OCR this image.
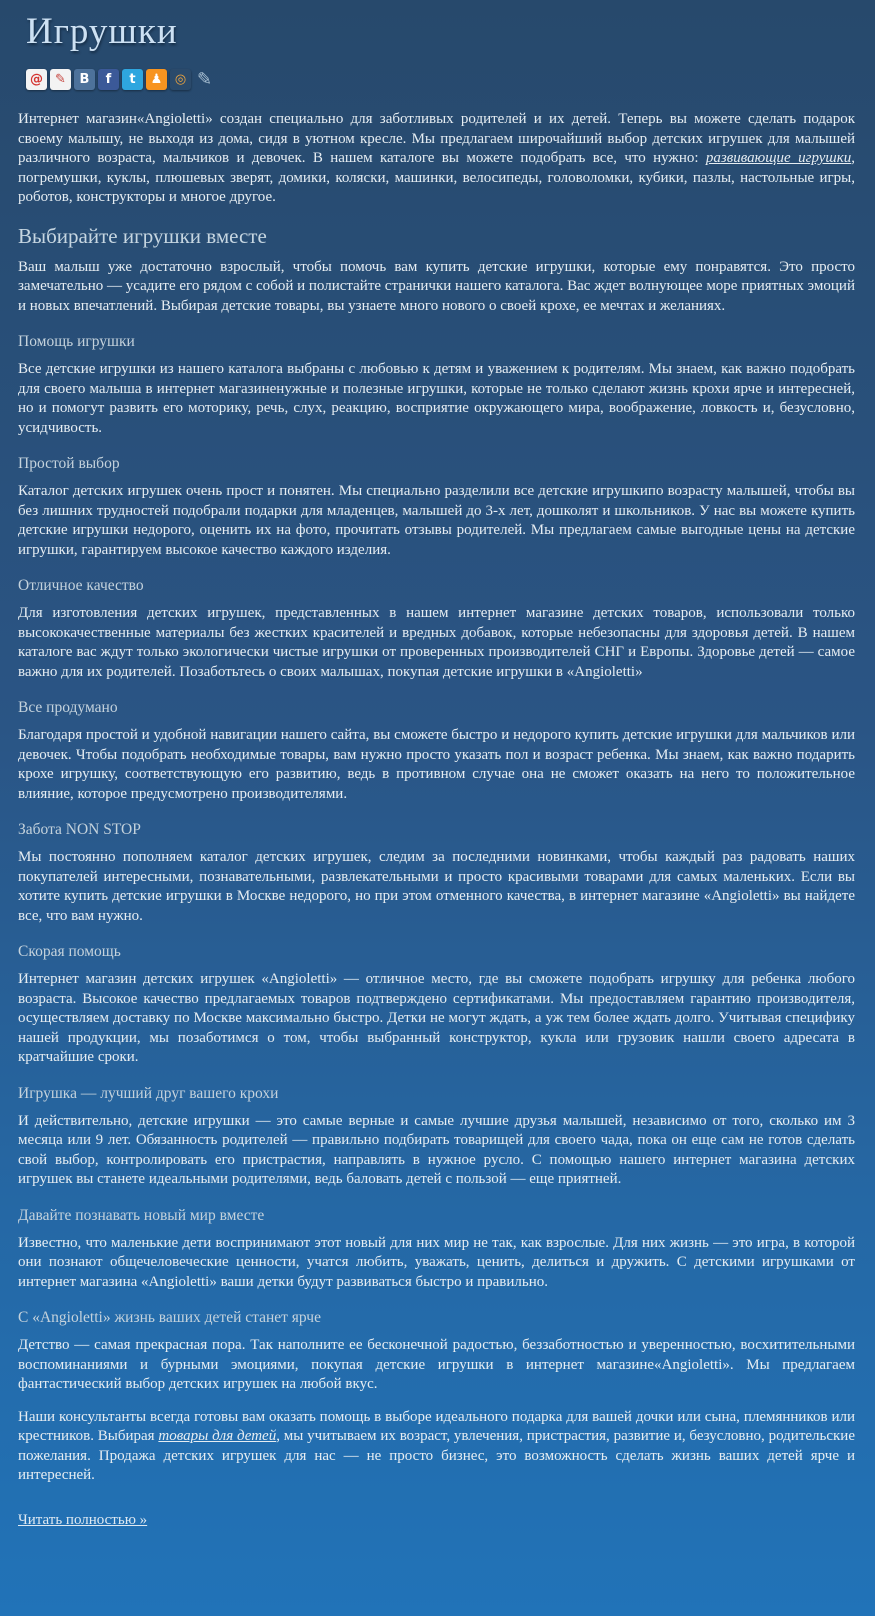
Игрушки
@ ✎	В	f	t	♟ ◎ ✎

Интернет магазин«Angioletti» создан специально для заботливых родителей и их детей. Теперь вы можете сделать подарок своему малышу, не выходя из дома, сидя в уютном кресле. Мы предлагаем широчайший выбор детских игрушек для малышей различного возраста, мальчиков и девочек. В нашем каталоге вы можете подобрать все, что нужно: развивающие игрушки, погремушки, куклы, плюшевых зверят, домики, коляски, машинки, велосипеды, головоломки, кубики, пазлы, настольные игры, роботов, конструкторы и многое другое.

Выбирайте игрушки вместе

Ваш малыш уже достаточно взрослый, чтобы помочь вам купить детские игрушки, которые ему понравятся. Это просто замечательно — усадите его рядом с собой и полистайте странички нашего каталога. Вас ждет волнующее море приятных эмоций и новых впечатлений. Выбирая детские товары, вы узнаете много нового о своей крохе, ее мечтах и желаниях.

Помощь игрушки

Все детские игрушки из нашего каталога выбраны с любовью к детям и уважением к родителям. Мы знаем, как важно подобрать для своего малыша в интернет магазиненужные и полезные игрушки, которые не только сделают жизнь крохи ярче и интересней, но и помогут развить его моторику, речь, слух, реакцию, восприятие окружающего мира, воображение, ловкость и, безусловно, усидчивость.

Простой выбор

Каталог детских игрушек очень прост и понятен. Мы специально разделили все детские игрушкипо возрасту малышей, чтобы вы без лишних трудностей подобрали подарки для младенцев, малышей до 3-х лет, дошколят и школьников. У нас вы можете купить детские игрушки недорого, оценить их на фото, прочитать отзывы родителей. Мы предлагаем самые выгодные цены на детские игрушки, гарантируем высокое качество каждого изделия.

Отличное качество

Для изготовления детских игрушек, представленных в нашем интернет магазине детских товаров, использовали только высококачественные материалы без жестких красителей и вредных добавок, которые небезопасны для здоровья детей. В нашем каталоге вас ждут только экологически чистые игрушки от проверенных производителей СНГ и Европы. Здоровье детей — самое важно для их родителей. Позаботьтесь о своих малышах, покупая детские игрушки в «Angioletti»

Все продумано

Благодаря простой и удобной навигации нашего сайта, вы сможете быстро и недорого купить детские игрушки для мальчиков или девочек. Чтобы подобрать необходимые товары, вам нужно просто указать пол и возраст ребенка. Мы знаем, как важно подарить крохе игрушку, соответствующую его развитию, ведь в противном случае она не сможет оказать на него то положительное влияние, которое предусмотрено производителями.

Забота NON STOP

Мы постоянно пополняем каталог детских игрушек, следим за последними новинками, чтобы каждый раз радовать наших покупателей интересными, познавательными, развлекательными и просто красивыми товарами для самых маленьких. Если вы хотите купить детские игрушки в Москве недорого, но при этом отменного качества, в интернет магазине «Angioletti» вы найдете все, что вам нужно.

Скорая помощь

Интернет магазин детских игрушек «Angioletti» — отличное место, где вы сможете подобрать игрушку для ребенка любого возраста. Высокое качество предлагаемых товаров подтверждено сертификатами. Мы предоставляем гарантию производителя, осуществляем доставку по Москве максимально быстро. Детки не могут ждать, а уж тем более ждать долго. Учитывая специфику нашей продукции, мы позаботимся о том, чтобы выбранный конструктор, кукла или грузовик нашли своего адресата в кратчайшие сроки.

Игрушка — лучший друг вашего крохи

И действительно, детские игрушки — это самые верные и самые лучшие друзья малышей, независимо от того, сколько им 3 месяца или 9 лет. Обязанность родителей — правильно подбирать товарищей для своего чада, пока он еще сам не готов сделать свой выбор, контролировать его пристрастия, направлять в нужное русло. С помощью нашего интернет магазина детских игрушек вы станете идеальными родителями, ведь баловать детей с пользой — еще приятней.

Давайте познавать новый мир вместе

Известно, что маленькие дети воспринимают этот новый для них мир не так, как взрослые. Для них жизнь — это игра, в которой они познают общечеловеческие ценности, учатся любить, уважать, ценить, делиться и дружить. С детскими игрушками от интернет магазина «Angioletti» ваши детки будут развиваться быстро и правильно.

С «Angioletti» жизнь ваших детей станет ярче

Детство — самая прекрасная пора. Так наполните ее бесконечной радостью, беззаботностью и уверенностью, восхитительными воспоминаниями и бурными эмоциями, покупая детские игрушки в интернет магазине«Angioletti». Мы предлагаем фантастический выбор детских игрушек на любой вкус.

Наши консультанты всегда готовы вам оказать помощь в выборе идеального подарка для вашей дочки или сына, племянников или крестников. Выбирая товары для детей, мы учитываем их возраст, увлечения, пристрастия, развитие и, безусловно, родительские пожелания. Продажа детских игрушек для нас — не просто бизнес, это возможность сделать жизнь ваших детей ярче и интересней.

Читать полностью »
